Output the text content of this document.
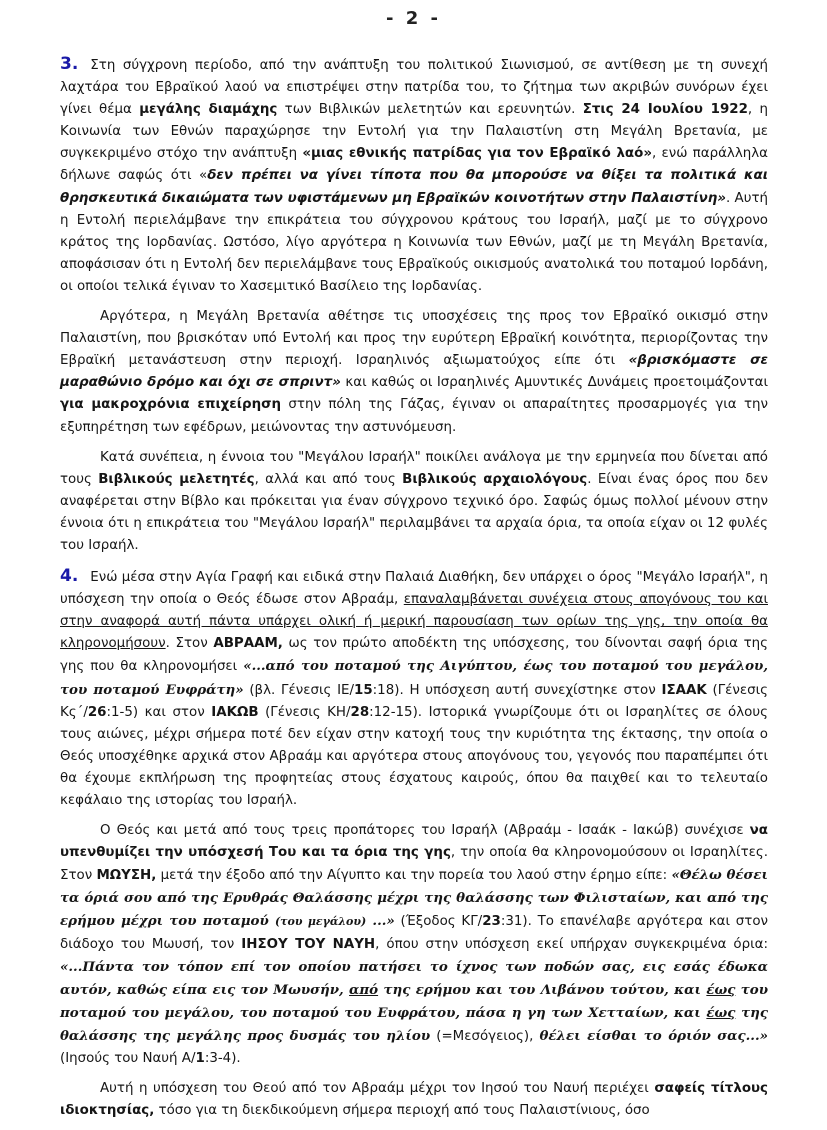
- 2 -

3. Στη σύγχρονη περίοδο, από την ανάπτυξη του πολιτικού Σιωνισμού, σε αντίθεση με τη συνεχή λαχτάρα του Εβραϊκού λαού να επιστρέψει στην πατρίδα του, το ζήτημα των ακριβών συνόρων έχει γίνει θέμα μεγάλης διαμάχης των Βιβλικών μελετητών και ερευνητών. Στις 24 Ιουλίου 1922, η Κοινωνία των Εθνών παραχώρησε την Εντολή για την Παλαιστίνη στη Μεγάλη Βρετανία, με συγκεκριμένο στόχο την ανάπτυξη «μιας εθνικής πατρίδας για τον Εβραϊκό λαό», ενώ παράλληλα δήλωνε σαφώς ότι «δεν πρέπει να γίνει τίποτα που θα μπορούσε να θίξει τα πολιτικά και θρησκευτικά δικαιώματα των υφιστάμενων μη Εβραϊκών κοινοτήτων στην Παλαιστίνη». Αυτή η Εντολή περιελάμβανε την επικράτεια του σύγχρονου κράτους του Ισραήλ, μαζί με το σύγχρονο κράτος της Ιορδανίας. Ωστόσο, λίγο αργότερα η Κοινωνία των Εθνών, μαζί με τη Μεγάλη Βρετανία, αποφάσισαν ότι η Εντολή δεν περιελάμβανε τους Εβραϊκούς οικισμούς ανατολικά του ποταμού Ιορδάνη, οι οποίοι τελικά έγιναν το Χασεμιτικό Βασίλειο της Ιορδανίας.

Αργότερα, η Μεγάλη Βρετανία αθέτησε τις υποσχέσεις της προς τον Εβραϊκό οικισμό στην Παλαιστίνη, που βρισκόταν υπό Εντολή και προς την ευρύτερη Εβραϊκή κοινότητα, περιορίζοντας την Εβραϊκή μετανάστευση στην περιοχή. Ισραηλινός αξιωματούχος είπε ότι «βρισκόμαστε σε μαραθώνιο δρόμο και όχι σε σπριντ» και καθώς οι Ισραηλινές Αμυντικές Δυνάμεις προετοιμάζονται για μακροχρόνια επιχείρηση στην πόλη της Γάζας, έγιναν οι απαραίτητες προσαρμογές για την εξυπηρέτηση των εφέδρων, μειώνοντας την αστυνόμευση.

Κατά συνέπεια, η έννοια του "Μεγάλου Ισραήλ" ποικίλει ανάλογα με την ερμηνεία που δίνεται από τους Βιβλικούς μελετητές, αλλά και από τους Βιβλικούς αρχαιολόγους. Είναι ένας όρος που δεν αναφέρεται στην Βίβλο και πρόκειται για έναν σύγχρονο τεχνικό όρο. Σαφώς όμως πολλοί μένουν στην έννοια ότι η επικράτεια του "Μεγάλου Ισραήλ" περιλαμβάνει τα αρχαία όρια, τα οποία είχαν οι 12 φυλές του Ισραήλ.

4. Ενώ μέσα στην Αγία Γραφή και ειδικά στην Παλαιά Διαθήκη, δεν υπάρχει ο όρος "Μεγάλο Ισραήλ", η υπόσχεση την οποία ο Θεός έδωσε στον Αβραάμ, επαναλαμβάνεται συνέχεια στους απογόνους του και στην αναφορά αυτή πάντα υπάρχει ολική ή μερική παρουσίαση των ορίων της γης, την οποία θα κληρονομήσουν. Στον ΑΒΡΑΑΜ, ως τον πρώτο αποδέκτη της υπόσχεσης, του δίνονται σαφή όρια της γης που θα κληρονομήσει «...από του ποταμού της Αιγύπτου, έως του ποταμού του μεγάλου, του ποταμού Ευφράτη» (βλ. Γένεσις ΙΕ/15:18). Η υπόσχεση αυτή συνεχίστηκε στον ΙΣΑΑΚ (Γένεσις Κς΄/26:1-5) και στον ΙΑΚΩΒ (Γένεσις ΚΗ/28:12-15). Ιστορικά γνωρίζουμε ότι οι Ισραηλίτες σε όλους τους αιώνες, μέχρι σήμερα ποτέ δεν είχαν στην κατοχή τους την κυριότητα της έκτασης, την οποία ο Θεός υποσχέθηκε αρχικά στον Αβραάμ και αργότερα στους απογόνους του, γεγονός που παραπέμπει ότι θα έχουμε εκπλήρωση της προφητείας στους έσχατους καιρούς, όπου θα παιχθεί και το τελευταίο κεφάλαιο της ιστορίας του Ισραήλ.

Ο Θεός και μετά από τους τρεις προπάτορες του Ισραήλ (Αβραάμ - Ισαάκ - Ιακώβ) συνέχισε να υπενθυμίζει την υπόσχεσή Του και τα όρια της γης, την οποία θα κληρονομούσουν οι Ισραηλίτες. Στον ΜΩΥΣΗ, μετά την έξοδο από την Αίγυπτο και την πορεία του λαού στην έρημο είπε: «Θέλω θέσει τα όριά σου από της Ερυθράς Θαλάσσης μέχρι της θαλάσσης των Φιλισταίων, και από της ερήμου μέχρι του ποταμού (του μεγάλου) ...» (Έξοδος ΚΓ/23:31). Το επανέλαβε αργότερα και στον διάδοχο του Μωυσή, τον ΙΗΣΟΥ ΤΟΥ ΝΑΥΗ, όπου στην υπόσχεση εκεί υπήρχαν συγκεκριμένα όρια: «...Πάντα τον τόπον επί τον οποίου πατήσει το ίχνος των ποδών σας, εις εσάς έδωκα αυτόν, καθώς είπα εις τον Μωυσήν, από της ερήμου και του Λιβάνου τούτου, και έως του ποταμού του μεγάλου, του ποταμού του Ευφράτου, πάσα η γη των Χετταίων, και έως της θαλάσσης της μεγάλης προς δυσμάς του ηλίου (=Μεσόγειος), θέλει είσθαι το όριόν σας...» (Ιησούς του Ναυή Α/1:3-4).

Αυτή η υπόσχεση του Θεού από τον Αβραάμ μέχρι τον Ιησού του Ναυή περιέχει σαφείς τίτλους ιδιοκτησίας, τόσο για τη διεκδικούμενη σήμερα περιοχή από τους Παλαιστίνιους, όσο
